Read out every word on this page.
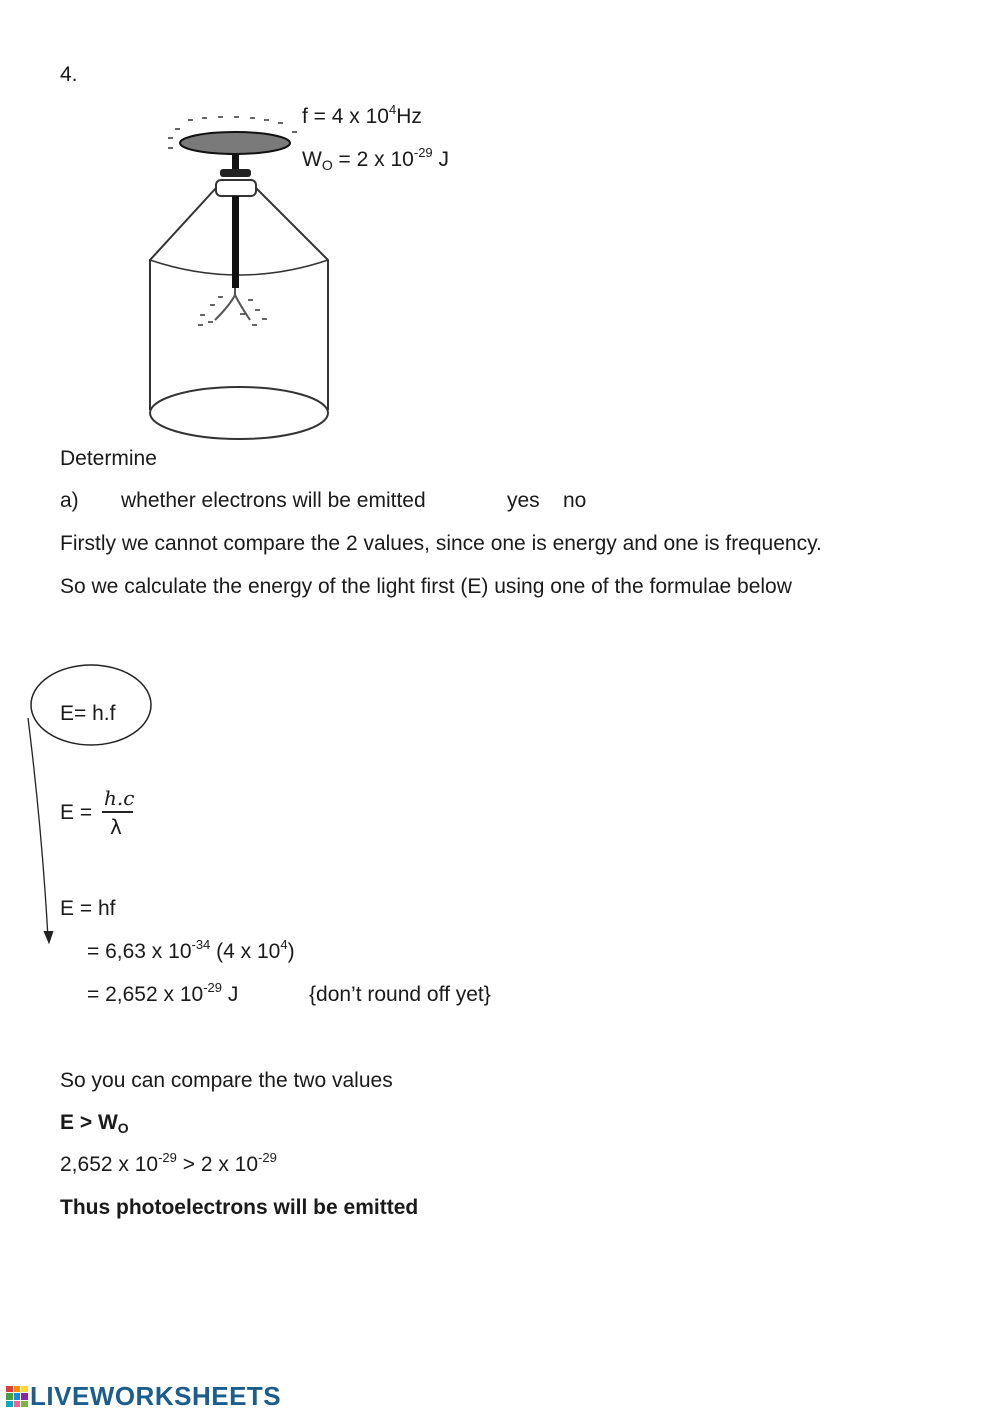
4.
f = 4 x $10^4Hz$
$W_O = 2$ x $10^{-29}$ J
Determine
a) whether electrons will be emitted	yes no
Firstly we cannot compare the 2 values, since one is energy and one is frequency.
So we calculate the energy of the light first (E) using one of the formulae below
E= h.f
E =
h.c
λ
E = hf
= 6,63 x $10^{-34}$ (4 x $10^4$)
= 2,652 x $10^{-29}$ J	{don’t round off yet}
So you can compare the two values
$E > W_O$
2,652 x $10^{-29} > 2$ x $10^{-29}$
Thus photoelectrons will be emitted
LIVEWORKSHEETS
